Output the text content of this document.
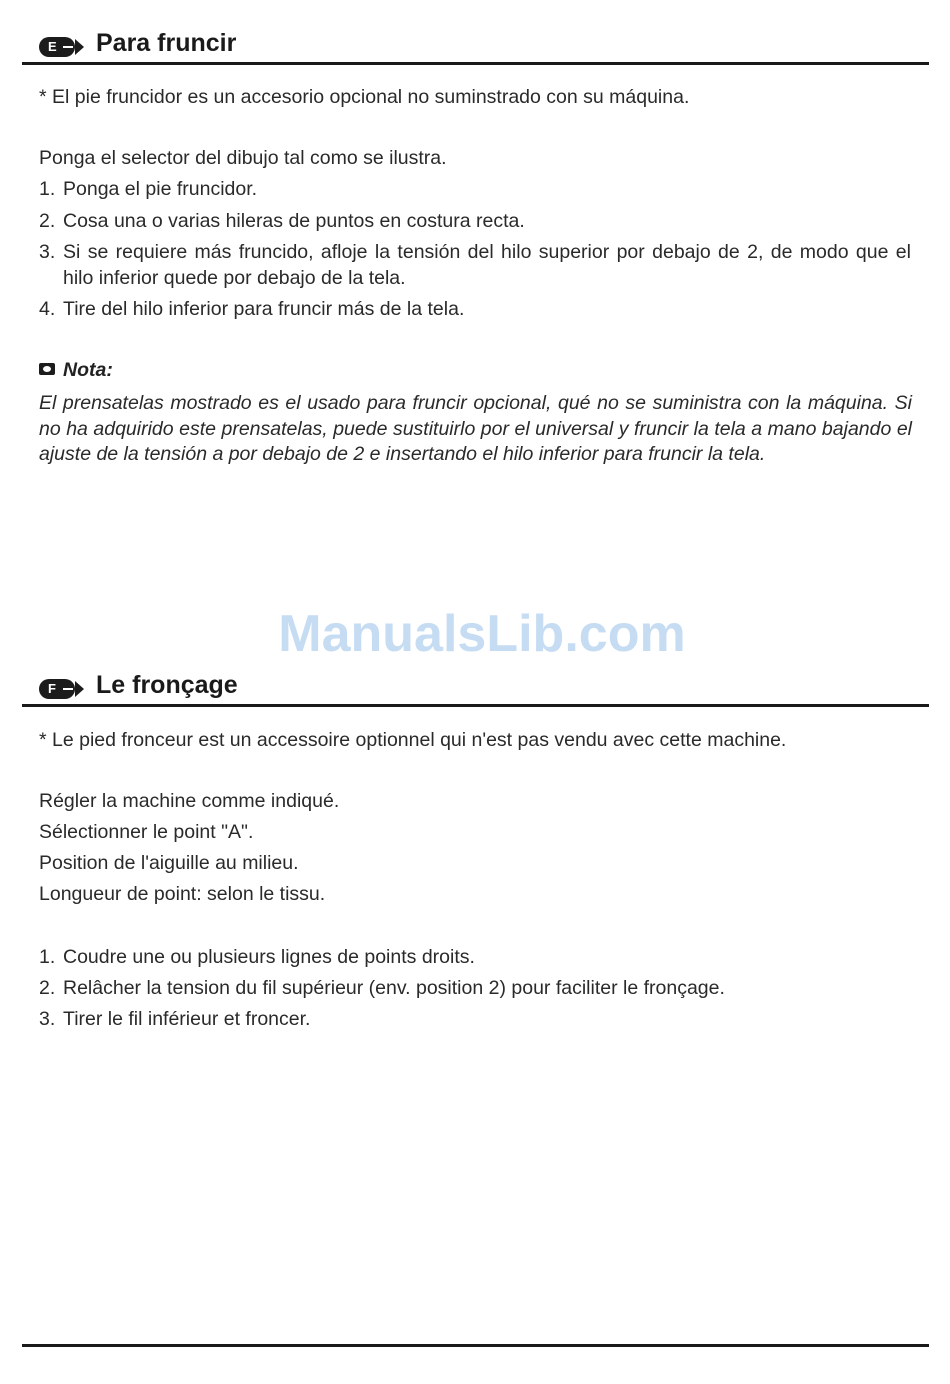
E	Para fruncir
* El pie fruncidor es un accesorio opcional no suminstrado con su máquina.
Ponga el selector del dibujo tal como se ilustra.
1. Ponga el pie fruncidor.
2. Cosa una o varias hileras de puntos en costura recta.
3. Si se requiere más fruncido, afloje la tensión del hilo superior por debajo de 2, de modo que el hilo inferior quede por debajo de la tela.
4. Tire del hilo inferior para fruncir más de la tela.
Nota:
El prensatelas mostrado es el usado para fruncir opcional, qué no se suministra con la máquina. Si no ha adquirido este prensatelas, puede sustituirlo por el universal y fruncir la tela a mano bajando el ajuste de la tensión a por debajo de 2 e insertando el hilo inferior para fruncir la tela.
ManualsLib.com
F	Le fronçage
* Le pied fronceur est un accessoire optionnel qui n'est pas vendu avec cette machine.
Régler la machine comme indiqué.
Sélectionner le point "A".
Position de l'aiguille au milieu.
Longueur de point: selon le tissu.
1. Coudre une ou plusieurs lignes de points droits.
2. Relâcher la tension du fil supérieur (env. position 2) pour faciliter le fronçage.
3. Tirer le fil inférieur et froncer.
